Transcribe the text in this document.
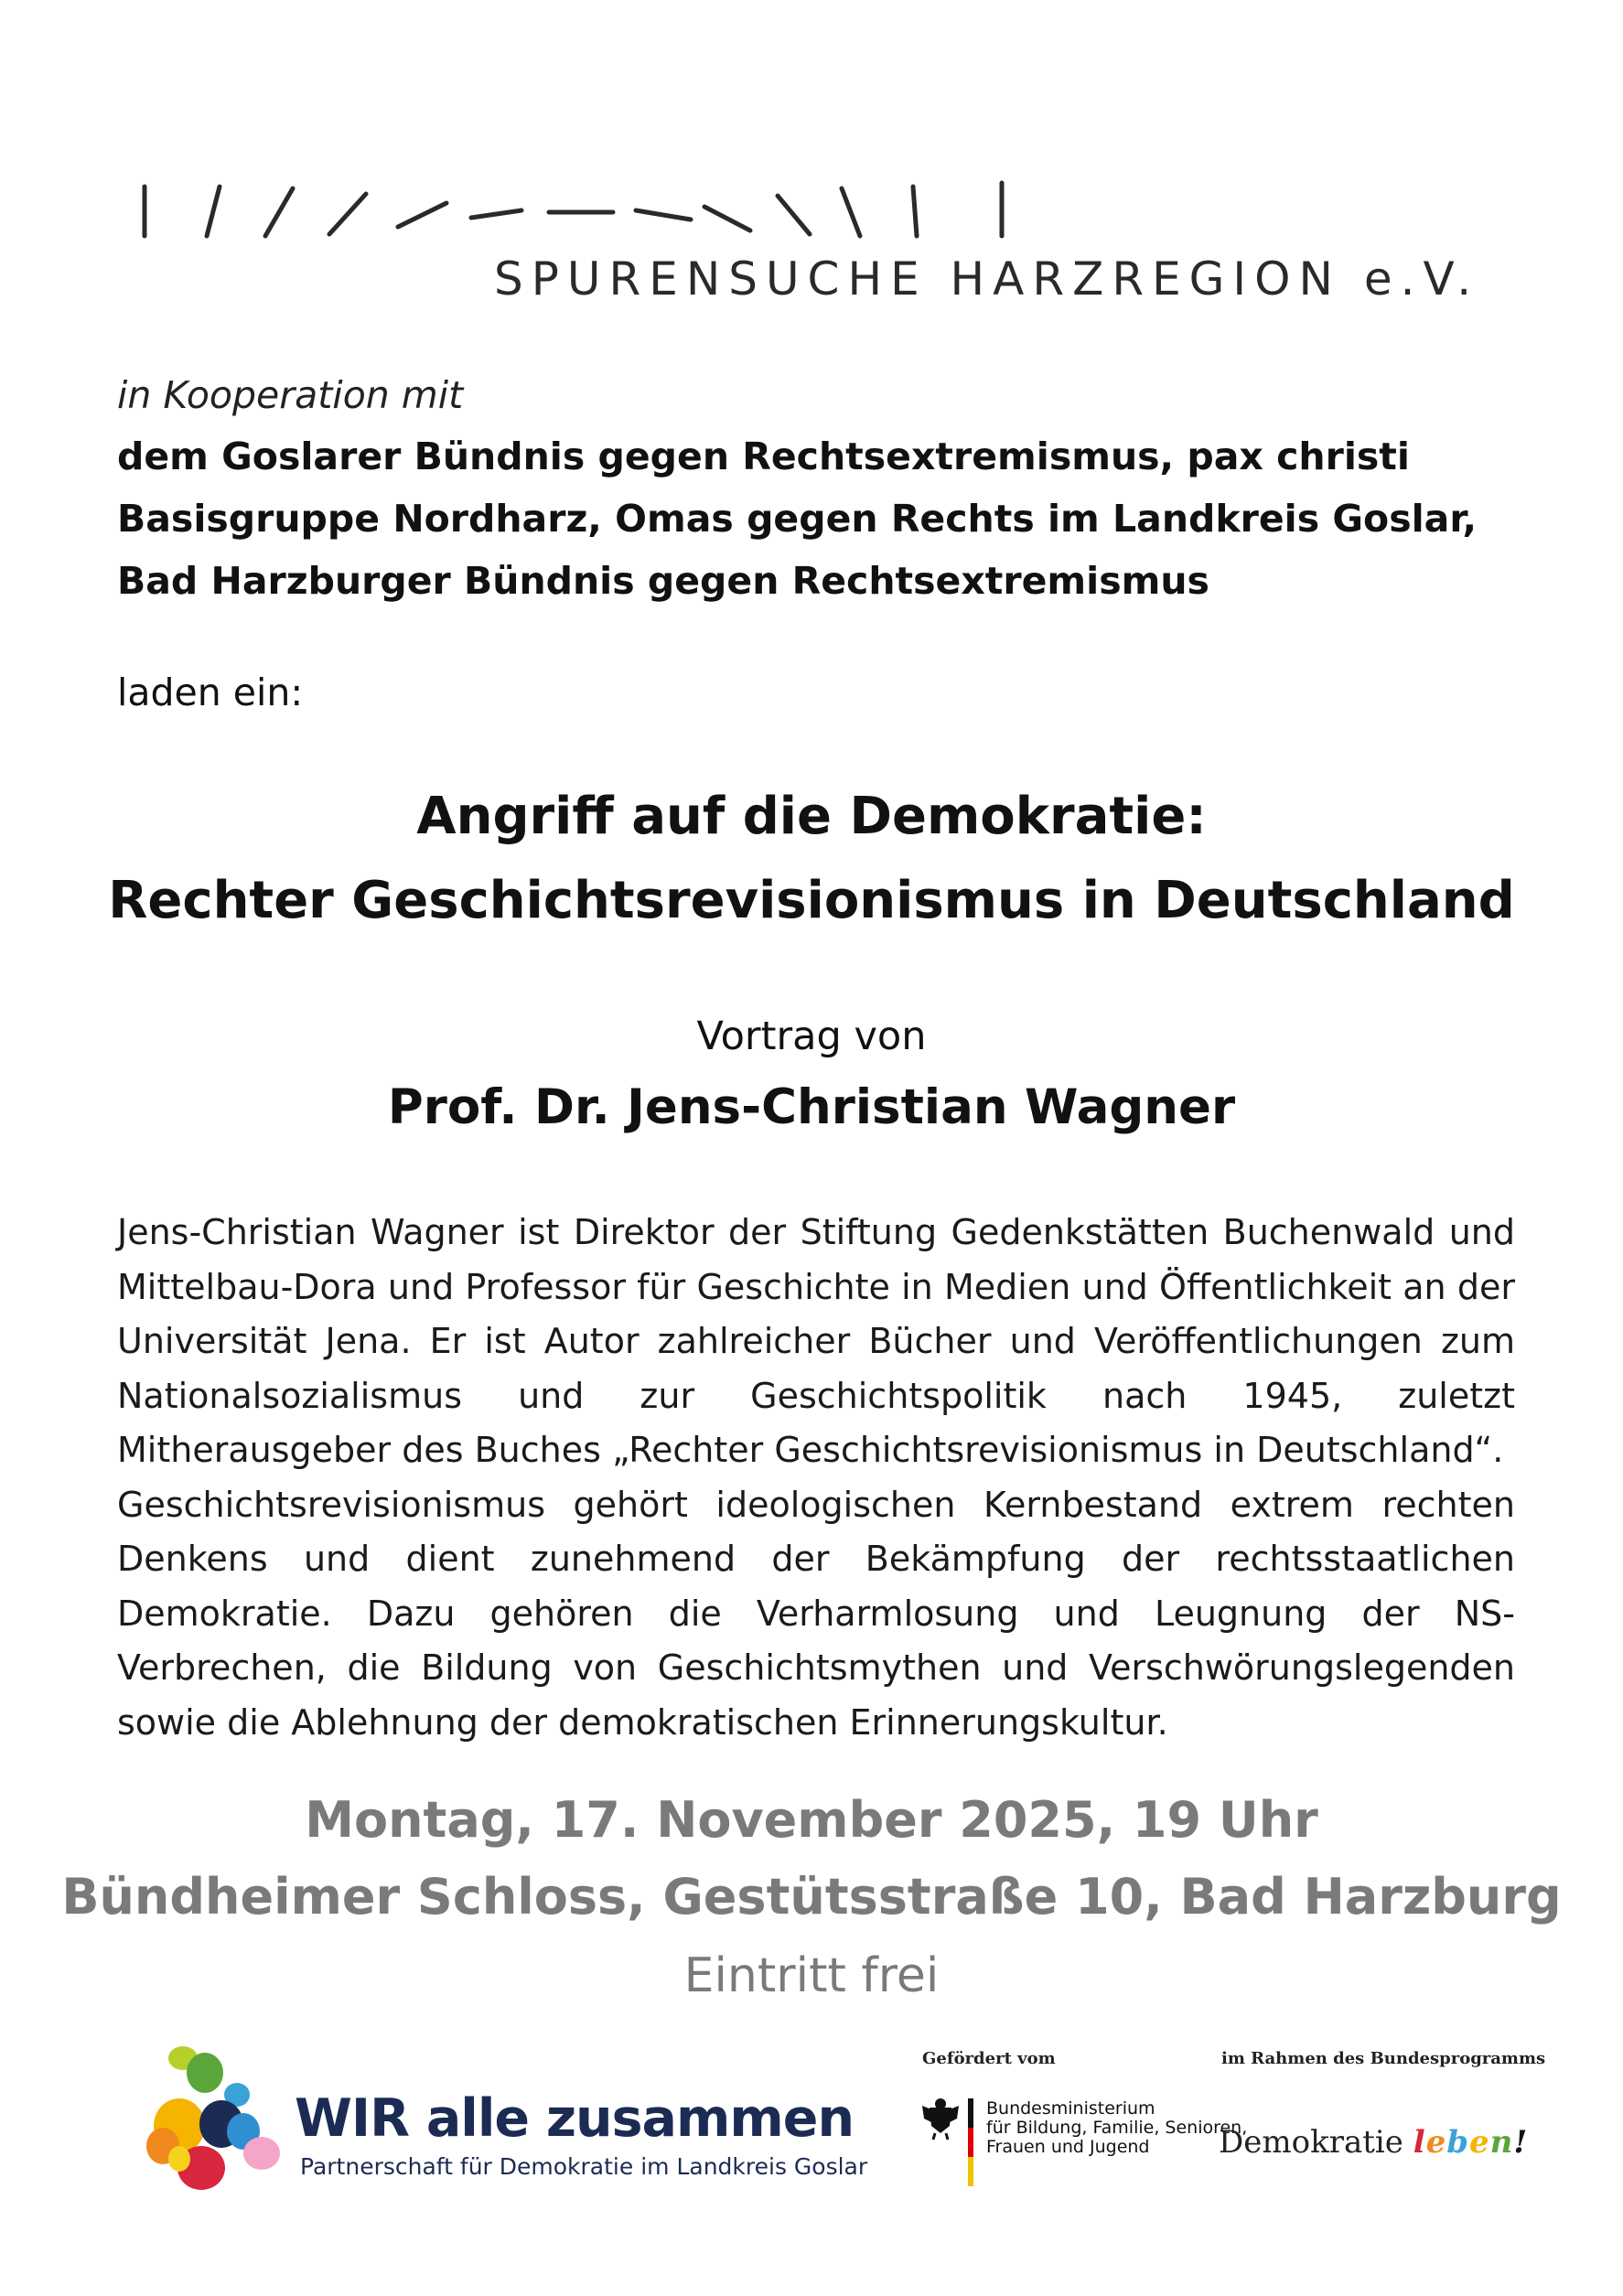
SPURENSUCHE HARZREGION e.V.
in Kooperation mit
dem Goslarer Bündnis gegen Rechtsextremismus, pax christi
Basisgruppe Nordharz, Omas gegen Rechts im Landkreis Goslar,
Bad Harzburger Bündnis gegen Rechtsextremismus
laden ein:
Angriff auf die Demokratie:
Rechter Geschichtsrevisionismus in Deutschland
Vortrag von
Prof. Dr. Jens-Christian Wagner

Jens-Christian Wagner ist Direktor der Stiftung Gedenkstätten Buchenwald und Mittelbau-Dora und Professor für Geschichte in Medien und Öffentlichkeit an der Universität Jena. Er ist Autor zahlreicher Bücher und Veröffentlichungen zum Nationalsozialismus und zur Geschichtspolitik nach 1945, zuletzt Mitherausgeber des Buches „Rechter Geschichtsrevisionismus in Deutschland“.

Geschichtsrevisionismus gehört ideologischen Kernbestand extrem rechten Denkens und dient zunehmend der Bekämpfung der rechtsstaatlichen Demokratie. Dazu gehören die Verharmlosung und Leugnung der NS-Verbrechen, die Bildung von Geschichtsmythen und Verschwörungslegenden sowie die Ablehnung der demokratischen Erinnerungskultur.

Montag, 17. November 2025, 19 Uhr
Bündheimer Schloss, Gestütsstraße 10, Bad Harzburg
Eintritt frei
WIR alle zusammen
Partnerschaft für Demokratie im Landkreis Goslar
Gefördert vom
Bundesministerium
für Bildung, Familie, Senioren,
Frauen und Jugend
im Rahmen des Bundesprogramms
Demokratie leben!
